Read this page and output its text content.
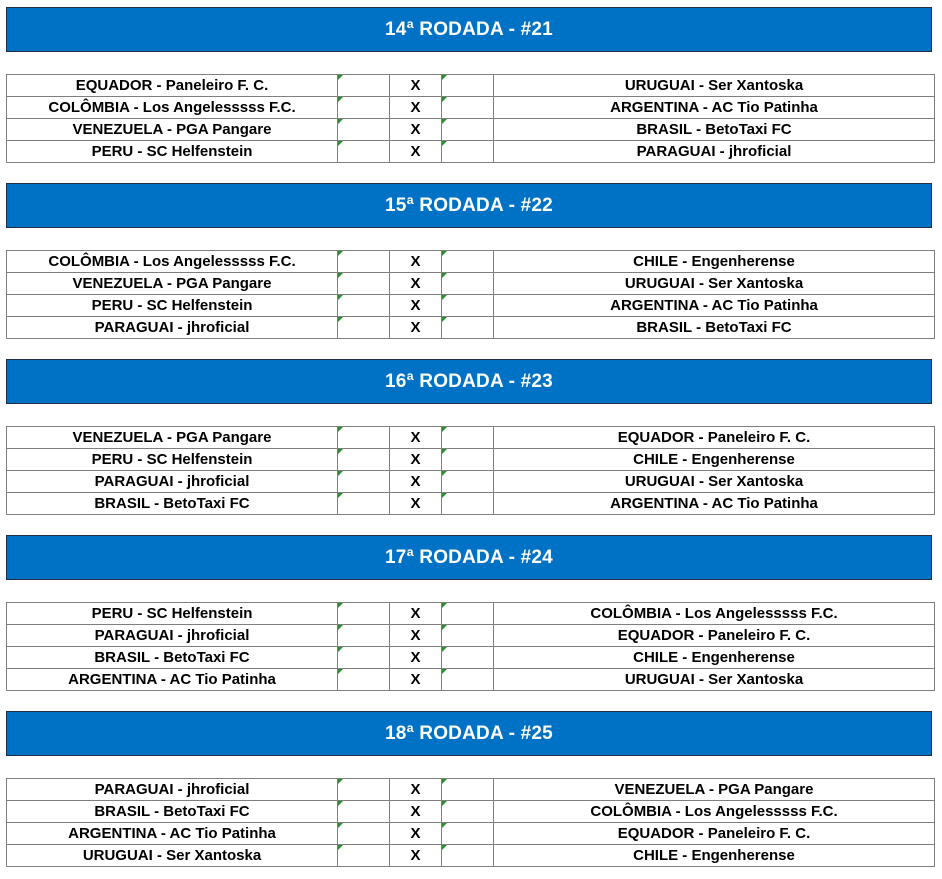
14ª RODADA - #21
EQUADOR - Paneleiro F. C.		X		URUGUAI - Ser Xantoska
COLÔMBIA - Los Angelesssss F.C.		X		ARGENTINA - AC Tio Patinha
VENEZUELA - PGA Pangare		X		BRASIL - BetoTaxi FC
PERU - SC Helfenstein		X		PARAGUAI - jhroficial
15ª RODADA - #22
COLÔMBIA - Los Angelesssss F.C.		X		CHILE - Engenherense
VENEZUELA - PGA Pangare		X		URUGUAI - Ser Xantoska
PERU - SC Helfenstein		X		ARGENTINA - AC Tio Patinha
PARAGUAI - jhroficial		X		BRASIL - BetoTaxi FC
16ª RODADA - #23
VENEZUELA - PGA Pangare		X		EQUADOR - Paneleiro F. C.
PERU - SC Helfenstein		X		CHILE - Engenherense
PARAGUAI - jhroficial		X		URUGUAI - Ser Xantoska
BRASIL - BetoTaxi FC		X		ARGENTINA - AC Tio Patinha
17ª RODADA - #24
PERU - SC Helfenstein		X		COLÔMBIA - Los Angelesssss F.C.
PARAGUAI - jhroficial		X		EQUADOR - Paneleiro F. C.
BRASIL - BetoTaxi FC		X		CHILE - Engenherense
ARGENTINA - AC Tio Patinha		X		URUGUAI - Ser Xantoska
18ª RODADA - #25
PARAGUAI - jhroficial		X		VENEZUELA - PGA Pangare
BRASIL - BetoTaxi FC		X		COLÔMBIA - Los Angelesssss F.C.
ARGENTINA - AC Tio Patinha		X		EQUADOR - Paneleiro F. C.
URUGUAI - Ser Xantoska		X		CHILE - Engenherense
